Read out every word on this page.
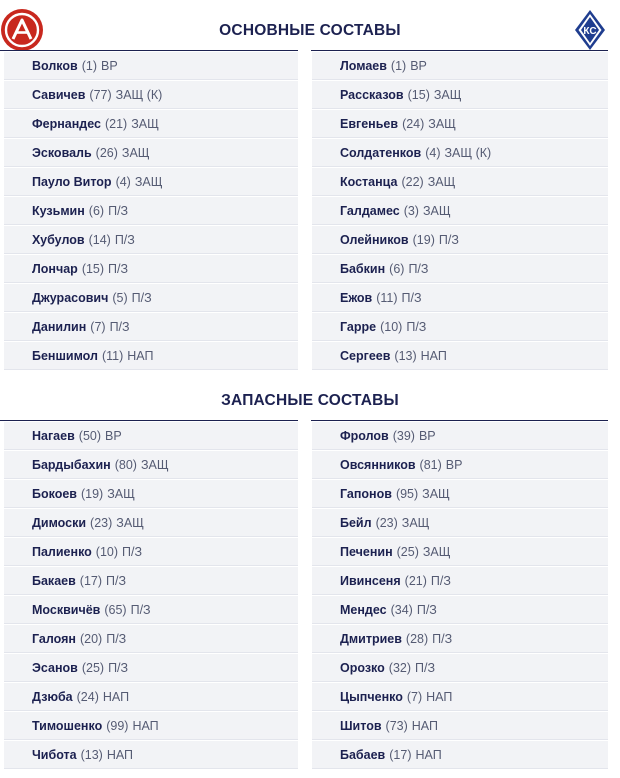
КС
ОСНОВНЫЕ СОСТАВЫ
Волков (1) ВР
Савичев (77) ЗАЩ (К)
Фернандес (21) ЗАЩ
Эсковаль (26) ЗАЩ
Пауло Витор (4) ЗАЩ
Кузьмин (6) П/З
Хубулов (14) П/З
Лончар (15) П/З
Джурасович (5) П/З
Данилин (7) П/З
Беншимол (11) НАП
Ломаев (1) ВР
Рассказов (15) ЗАЩ
Евгеньев (24) ЗАЩ
Солдатенков (4) ЗАЩ (К)
Костанца (22) ЗАЩ
Галдамес (3) ЗАЩ
Олейников (19) П/З
Бабкин (6) П/З
Ежов (11) П/З
Гарре (10) П/З
Сергеев (13) НАП
ЗАПАСНЫЕ СОСТАВЫ
Нагаев (50) ВР
Бардыбахин (80) ЗАЩ
Бокоев (19) ЗАЩ
Димоски (23) ЗАЩ
Палиенко (10) П/З
Бакаев (17) П/З
Москвичёв (65) П/З
Галоян (20) П/З
Эсанов (25) П/З
Дзюба (24) НАП
Тимошенко (99) НАП
Чибота (13) НАП
Фролов (39) ВР
Овсянников (81) ВР
Гапонов (95) ЗАЩ
Бейл (23) ЗАЩ
Печенин (25) ЗАЩ
Ивинсеня (21) П/З
Мендес (34) П/З
Дмитриев (28) П/З
Орозко (32) П/З
Цыпченко (7) НАП
Шитов (73) НАП
Бабаев (17) НАП
